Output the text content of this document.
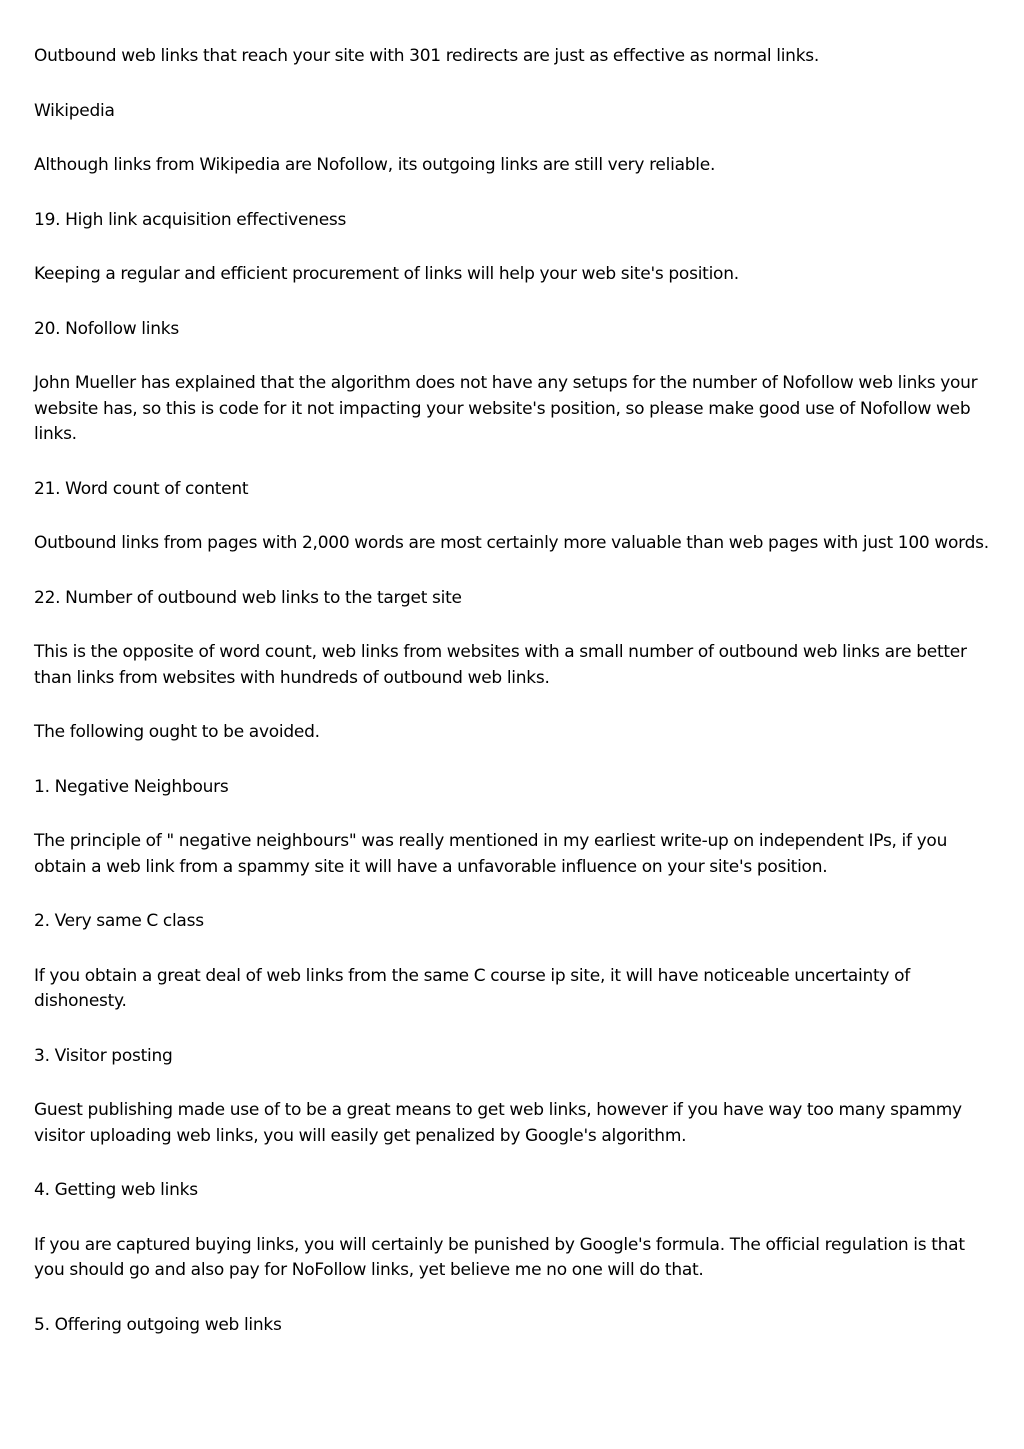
Outbound web links that reach your site with 301 redirects are just as effective as normal links.

Wikipedia

Although links from Wikipedia are Nofollow, its outgoing links are still very reliable.

19. High link acquisition effectiveness

Keeping a regular and efficient procurement of links will help your web site's position.

20. Nofollow links

John Mueller has explained that the algorithm does not have any setups for the number of Nofollow web links your website has, so this is code for it not impacting your website's position, so please make good use of Nofollow web links.

21. Word count of content

Outbound links from pages with 2,000 words are most certainly more valuable than web pages with just 100 words.

22. Number of outbound web links to the target site

This is the opposite of word count, web links from websites with a small number of outbound web links are better than links from websites with hundreds of outbound web links.

The following ought to be avoided.

1. Negative Neighbours

The principle of " negative neighbours" was really mentioned in my earliest write-up on independent IPs, if you obtain a web link from a spammy site it will have a unfavorable influence on your site's position.

2. Very same C class

If you obtain a great deal of web links from the same C course ip site, it will have noticeable uncertainty of dishonesty.

3. Visitor posting

Guest publishing made use of to be a great means to get web links, however if you have way too many spammy visitor uploading web links, you will easily get penalized by Google's algorithm.

4. Getting web links

If you are captured buying links, you will certainly be punished by Google's formula. The official regulation is that you should go and also pay for NoFollow links, yet believe me no one will do that.

5. Offering outgoing web links
